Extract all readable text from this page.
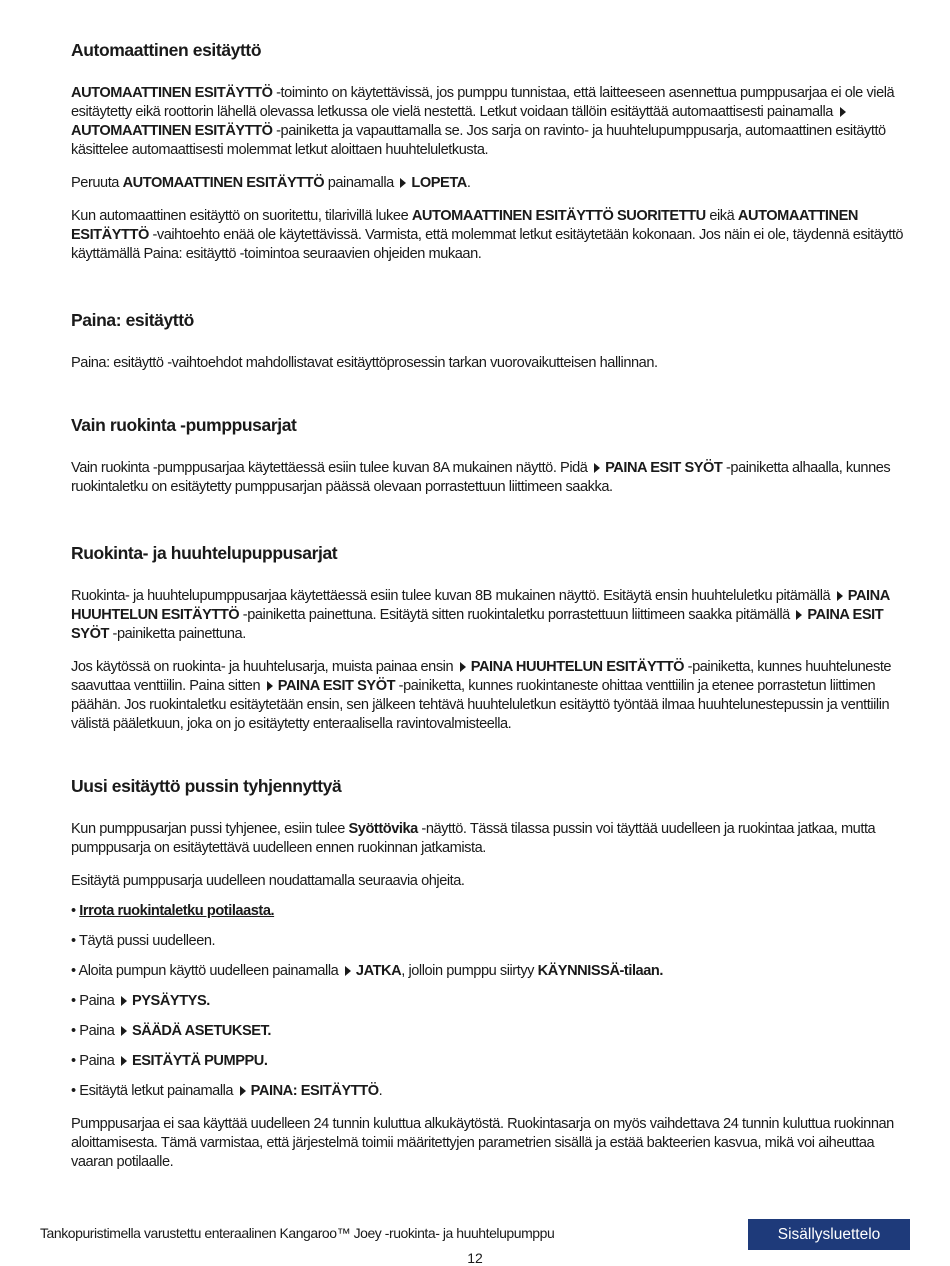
Automaattinen esitäyttö

AUTOMAATTINEN ESITÄYTTÖ -toiminto on käytettävissä, jos pumppu tunnistaa, että laitteeseen asennettua pumppusarjaa ei ole vielä esitäytetty eikä roottorin lähellä olevassa letkussa ole vielä nestettä. Letkut voidaan tällöin esitäyttää automaattisesti painamalla AUTOMAATTINEN ESITÄYTTÖ -painiketta ja vapauttamalla se. Jos sarja on ravinto- ja huuhtelupumppusarja, automaattinen esitäyttö käsittelee automaattisesti molemmat letkut aloittaen huuhteluletkusta.

Peruuta AUTOMAATTINEN ESITÄYTTÖ painamalla LOPETA.

Kun automaattinen esitäyttö on suoritettu, tilarivillä lukee AUTOMAATTINEN ESITÄYTTÖ SUORITETTU eikä AUTOMAATTINEN ESITÄYTTÖ -vaihtoehto enää ole käytettävissä. Varmista, että molemmat letkut esitäytetään kokonaan. Jos näin ei ole, täydennä esitäyttö käyttämällä Paina: esitäyttö -toimintoa seuraavien ohjeiden mukaan.

Paina: esitäyttö

Paina: esitäyttö -vaihtoehdot mahdollistavat esitäyttöprosessin tarkan vuorovaikutteisen hallinnan.

Vain ruokinta -pumppusarjat

Vain ruokinta -pumppusarjaa käytettäessä esiin tulee kuvan 8A mukainen näyttö. Pidä PAINA ESIT SYÖT -painiketta alhaalla, kunnes ruokintaletku on esitäytetty pumppusarjan päässä olevaan porrastettuun liittimeen saakka.

Ruokinta- ja huuhtelupuppusarjat

Ruokinta- ja huuhtelupumppusarjaa käytettäessä esiin tulee kuvan 8B mukainen näyttö. Esitäytä ensin huuhteluletku pitämällä PAINA HUUHTELUN ESITÄYTTÖ -painiketta painettuna. Esitäytä sitten ruokintaletku porrastettuun liittimeen saakka pitämällä PAINA ESIT SYÖT -painiketta painettuna.

Jos käytössä on ruokinta- ja huuhtelusarja, muista painaa ensin PAINA HUUHTELUN ESITÄYTTÖ -painiketta, kunnes huuhteluneste saavuttaa venttiilin. Paina sitten PAINA ESIT SYÖT -painiketta, kunnes ruokintaneste ohittaa venttiilin ja etenee porrastetun liittimen päähän. Jos ruokintaletku esitäytetään ensin, sen jälkeen tehtävä huuhteluletkun esitäyttö työntää ilmaa huuhtelunestepussin ja venttiilin välistä pääletkuun, joka on jo esitäytetty enteraalisella ravintovalmisteella.

Uusi esitäyttö pussin tyhjennyttyä

Kun pumppusarjan pussi tyhjenee, esiin tulee Syöttövika -näyttö. Tässä tilassa pussin voi täyttää uudelleen ja ruokintaa jatkaa, mutta pumppusarja on esitäytettävä uudelleen ennen ruokinnan jatkamista.

Esitäytä pumppusarja uudelleen noudattamalla seuraavia ohjeita.

• Irrota ruokintaletku potilaasta.

• Täytä pussi uudelleen.

• Aloita pumpun käyttö uudelleen painamalla JATKA, jolloin pumppu siirtyy KÄYNNISSÄ-tilaan.

• Paina PYSÄYTYS.

• Paina SÄÄDÄ ASETUKSET.

• Paina ESITÄYTÄ PUMPPU.

• Esitäytä letkut painamalla PAINA: ESITÄYTTÖ.

Pumppusarjaa ei saa käyttää uudelleen 24 tunnin kuluttua alkukäytöstä. Ruokintasarja on myös vaihdettava 24 tunnin kuluttua ruokinnan aloittamisesta. Tämä varmistaa, että järjestelmä toimii määritettyjen parametrien sisällä ja estää bakteerien kasvua, mikä voi aiheuttaa vaaran potilaalle.

Tankopuristimella varustettu enteraalinen Kangaroo™ Joey -ruokinta- ja huuhtelupumppu
12
Sisällysluettelo
